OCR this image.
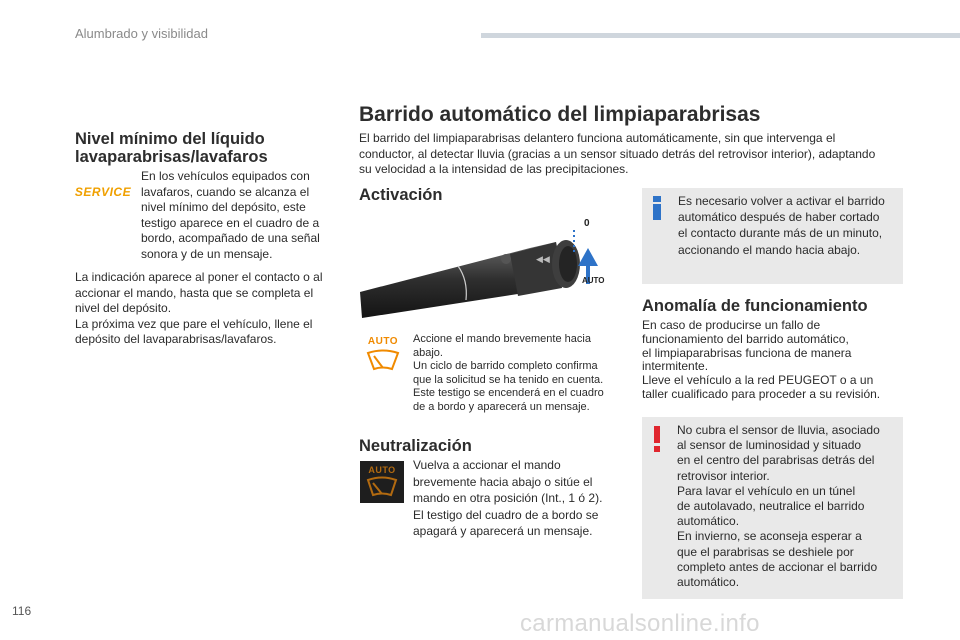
Alumbrado y visibilidad
Nivel mínimo del líquido
lavaparabrisas/lavafaros
SERVICE

En los vehículos equipados con

lavafaros, cuando se alcanza el

nivel mínimo del depósito, este

testigo aparece en el cuadro de a

bordo, acompañado de una señal

sonora y de un mensaje.

La indicación aparece al poner el contacto o al

accionar el mando, hasta que se completa el

nivel del depósito.

La próxima vez que pare el vehículo, llene el

depósito del lavaparabrisas/lavafaros.

Barrido automático del limpiaparabrisas

El barrido del limpiaparabrisas delantero funciona automáticamente, sin que intervenga el

conductor, al detectar lluvia (gracias a un sensor situado detrás del retrovisor interior), adaptando

su velocidad a la intensidad de las precipitaciones.

Activación
◀◀
0
AUTO
AUTO	Accione el mando brevemente hacia

abajo.

Un ciclo de barrido completo confirma

que la solicitud se ha tenido en cuenta.

Este testigo se encenderá en el cuadro

de a bordo y aparecerá un mensaje.

Neutralización
AUTO	Vuelva a accionar el mando

brevemente hacia abajo o sitúe el

mando en otra posición (Int., 1 ó 2).

El testigo del cuadro de a bordo se

apagará y aparecerá un mensaje.

Es necesario volver a activar el barrido

automático después de haber cortado

el contacto durante más de un minuto,

accionando el mando hacia abajo.

Anomalía de funcionamiento

En caso de producirse un fallo de

funcionamiento del barrido automático,

el limpiaparabrisas funciona de manera

intermitente.

Lleve el vehículo a la red PEUGEOT o a un

taller cualificado para proceder a su revisión.

No cubra el sensor de lluvia, asociado

al sensor de luminosidad y situado

en el centro del parabrisas detrás del

retrovisor interior.

Para lavar el vehículo en un túnel

de autolavado, neutralice el barrido

automático.

En invierno, se aconseja esperar a

que el parabrisas se deshiele por

completo antes de accionar el barrido

automático.

116	carmanualsonline.info
